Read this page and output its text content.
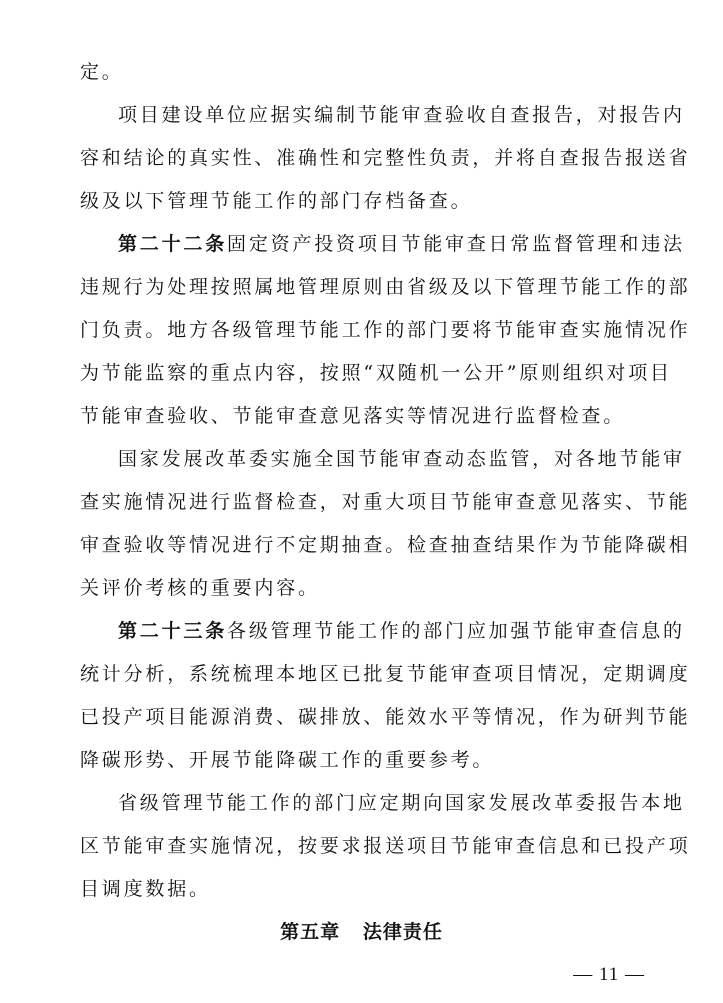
定。
项目建设单位应据实编制节能审查验收自查报告，对报告内
容和结论的真实性、准确性和完整性负责，并将自查报告报送省
级及以下管理节能工作的部门存档备查。
第二十二条固定资产投资项目节能审查日常监督管理和违法
违规行为处理按照属地管理原则由省级及以下管理节能工作的部
门负责。地方各级管理节能工作的部门要将节能审查实施情况作
为节能监察的重点内容，按照“双随机一公开”原则组织对项目
节能审查验收、节能审查意见落实等情况进行监督检查。
国家发展改革委实施全国节能审查动态监管，对各地节能审
查实施情况进行监督检查，对重大项目节能审查意见落实、节能
审查验收等情况进行不定期抽查。检查抽查结果作为节能降碳相
关评价考核的重要内容。
第二十三条各级管理节能工作的部门应加强节能审查信息的
统计分析，系统梳理本地区已批复节能审查项目情况，定期调度
已投产项目能源消费、碳排放、能效水平等情况，作为研判节能
降碳形势、开展节能降碳工作的重要参考。
省级管理节能工作的部门应定期向国家发展改革委报告本地
区节能审查实施情况，按要求报送项目节能审查信息和已投产项
目调度数据。
第五章   法律责任
— 11 —
